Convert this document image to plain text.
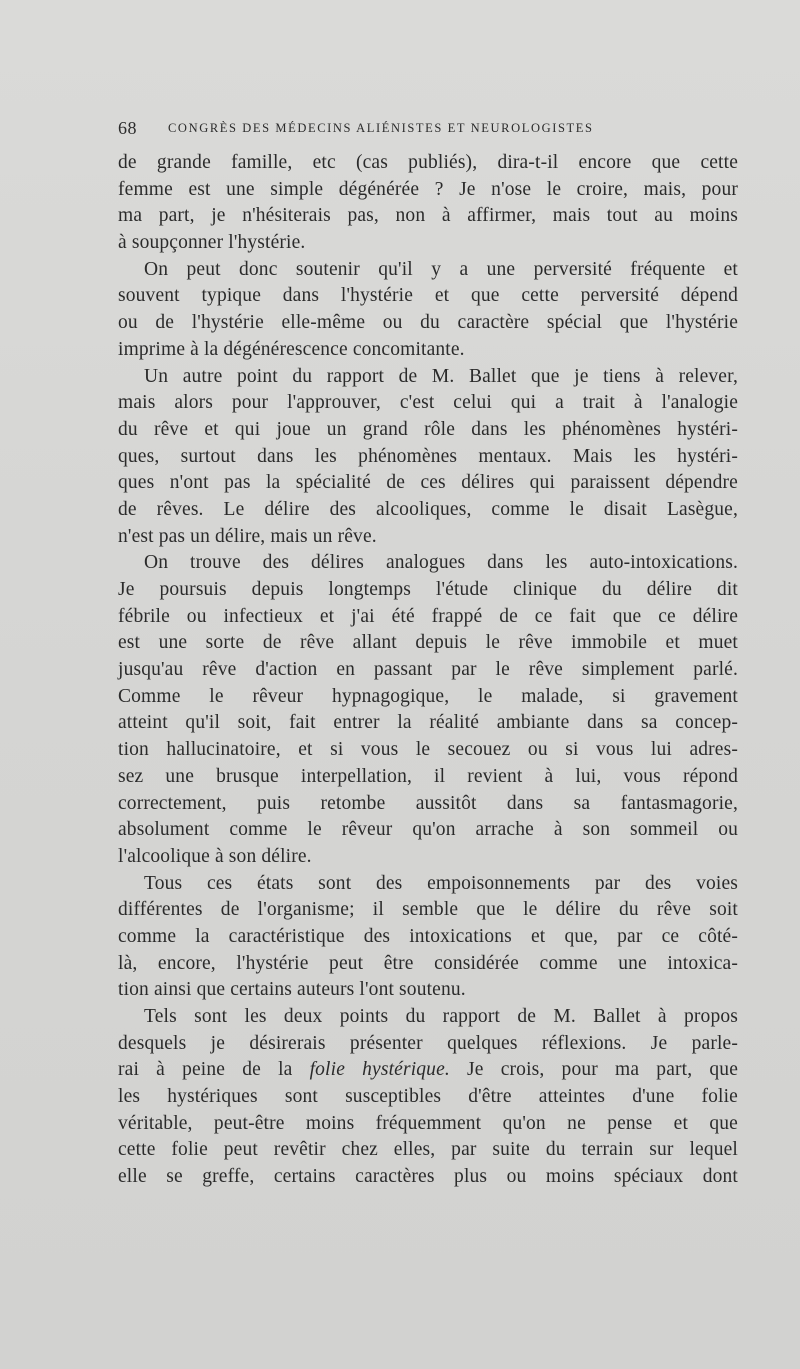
68 CONGRÈS DES MÉDECINS ALIÉNISTES ET NEUROLOGISTES
de grande famille, etc (cas publiés), dira-t-il encore que cette
femme est une simple dégénérée ? Je n'ose le croire, mais, pour
ma part, je n'hésiterais pas, non à affirmer, mais tout au moins
à soupçonner l'hystérie.
On peut donc soutenir qu'il y a une perversité fréquente et
souvent typique dans l'hystérie et que cette perversité dépend
ou de l'hystérie elle-même ou du caractère spécial que l'hystérie
imprime à la dégénérescence concomitante.
Un autre point du rapport de M. Ballet que je tiens à relever,
mais alors pour l'approuver, c'est celui qui a trait à l'analogie
du rêve et qui joue un grand rôle dans les phénomènes hystéri-
ques, surtout dans les phénomènes mentaux. Mais les hystéri-
ques n'ont pas la spécialité de ces délires qui paraissent dépendre
de rêves. Le délire des alcooliques, comme le disait Lasègue,
n'est pas un délire, mais un rêve.
On trouve des délires analogues dans les auto-intoxications.
Je poursuis depuis longtemps l'étude clinique du délire dit
fébrile ou infectieux et j'ai été frappé de ce fait que ce délire
est une sorte de rêve allant depuis le rêve immobile et muet
jusqu'au rêve d'action en passant par le rêve simplement parlé.
Comme le rêveur hypnagogique, le malade, si gravement
atteint qu'il soit, fait entrer la réalité ambiante dans sa concep-
tion hallucinatoire, et si vous le secouez ou si vous lui adres-
sez une brusque interpellation, il revient à lui, vous répond
correctement, puis retombe aussitôt dans sa fantasmagorie,
absolument comme le rêveur qu'on arrache à son sommeil ou
l'alcoolique à son délire.
Tous ces états sont des empoisonnements par des voies
différentes de l'organisme; il semble que le délire du rêve soit
comme la caractéristique des intoxications et que, par ce côté-
là, encore, l'hystérie peut être considérée comme une intoxica-
tion ainsi que certains auteurs l'ont soutenu.
Tels sont les deux points du rapport de M. Ballet à propos
desquels je désirerais présenter quelques réflexions. Je parle-
rai à peine de la folie hystérique. Je crois, pour ma part, que
les hystériques sont susceptibles d'être atteintes d'une folie
véritable, peut-être moins fréquemment qu'on ne pense et que
cette folie peut revêtir chez elles, par suite du terrain sur lequel
elle se greffe, certains caractères plus ou moins spéciaux dont
